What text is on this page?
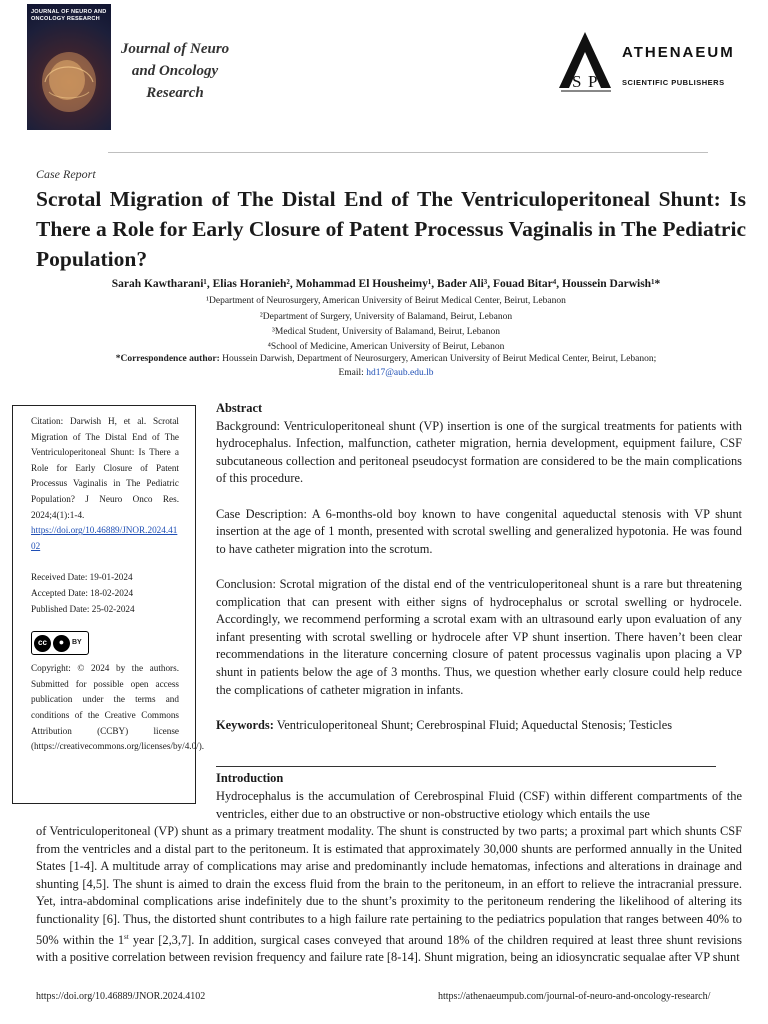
JOURNAL OF NEURO AND ONCOLOGY RESEARCH
Journal of Neuro and Oncology Research
S P
ATHENAEUM
SCIENTIFIC PUBLISHERS
Case Report
Scrotal Migration of The Distal End of The Ventriculoperitoneal Shunt: Is There a Role for Early Closure of Patent Processus Vaginalis in The Pediatric Population?
Sarah Kawtharani¹, Elias Horanieh², Mohammad El Housheimy¹, Bader Ali³, Fouad Bitar⁴, Houssein Darwish¹*
¹Department of Neurosurgery, American University of Beirut Medical Center, Beirut, Lebanon
²Department of Surgery, University of Balamand, Beirut, Lebanon
³Medical Student, University of Balamand, Beirut, Lebanon
⁴School of Medicine, American University of Beirut, Lebanon
*Correspondence author: Houssein Darwish, Department of Neurosurgery, American University of Beirut Medical Center, Beirut, Lebanon;
Email: hd17@aub.edu.lb
Citation: Darwish H, et al. Scrotal Migration of The Distal End of The Ventriculoperitoneal Shunt: Is There a Role for Early Closure of Patent Processus Vaginalis in The Pediatric Population? J Neuro Onco Res. 2024;4(1):1-4.
https://doi.org/10.46889/JNOR.2024.4102

Received Date: 19-01-2024

Accepted Date: 18-02-2024

Published Date: 25-02-2024

cc	●	BY
Copyright: © 2024 by the authors. Submitted for possible open access publication under the terms and conditions of the Creative Commons Attribution (CCBY) license (https://creativecommons.org/licenses/by/4.0/).
Abstract

Background: Ventriculoperitoneal shunt (VP) insertion is one of the surgical treatments for patients with hydrocephalus. Infection, malfunction, catheter migration, hernia development, equipment failure, CSF subcutaneous collection and peritoneal pseudocyst formation are considered to be the main complications of this procedure.

Case Description: A 6-months-old boy known to have congenital aqueductal stenosis with VP shunt insertion at the age of 1 month, presented with scrotal swelling and generalized hypotonia. He was found to have catheter migration into the scrotum.

Conclusion: Scrotal migration of the distal end of the ventriculoperitoneal shunt is a rare but threatening complication that can present with either signs of hydrocephalus or scrotal swelling or hydrocele. Accordingly, we recommend performing a scrotal exam with an ultrasound early upon evaluation of any infant presenting with scrotal swelling or hydrocele after VP shunt insertion. There haven’t been clear recommendations in the literature concerning closure of patent processus vaginalis upon placing a VP shunt in patients below the age of 3 months. Thus, we question whether early closure could help reduce the complications of catheter migration in infants.

Keywords: Ventriculoperitoneal Shunt; Cerebrospinal Fluid; Aqueductal Stenosis; Testicles

Introduction
Hydrocephalus is the accumulation of Cerebrospinal Fluid (CSF) within different compartments of the ventricles, either due to an obstructive or non-obstructive etiology which entails the use
of Ventriculoperitoneal (VP) shunt as a primary treatment modality. The shunt is constructed by two parts; a proximal part which shunts CSF from the ventricles and a distal part to the peritoneum. It is estimated that approximately 30,000 shunts are performed annually in the United States [1-4]. A multitude array of complications may arise and predominantly include hematomas, infections and alterations in drainage and shunting [4,5]. The shunt is aimed to drain the excess fluid from the brain to the peritoneum, in an effort to relieve the intracranial pressure. Yet, intra-abdominal complications arise indefinitely due to the shunt’s proximity to the peritoneum rendering the likelihood of altering its functionality [6]. Thus, the distorted shunt contributes to a high failure rate pertaining to the pediatrics population that ranges between 40% to 50% within the 1st year [2,3,7]. In addition, surgical cases conveyed that around 18% of the children required at least three shunt revisions with a positive correlation between revision frequency and failure rate [8-14]. Shunt migration, being an idiosyncratic sequalae after VP shunt
https://doi.org/10.46889/JNOR.2024.4102	https://athenaeumpub.com/journal-of-neuro-and-oncology-research/
